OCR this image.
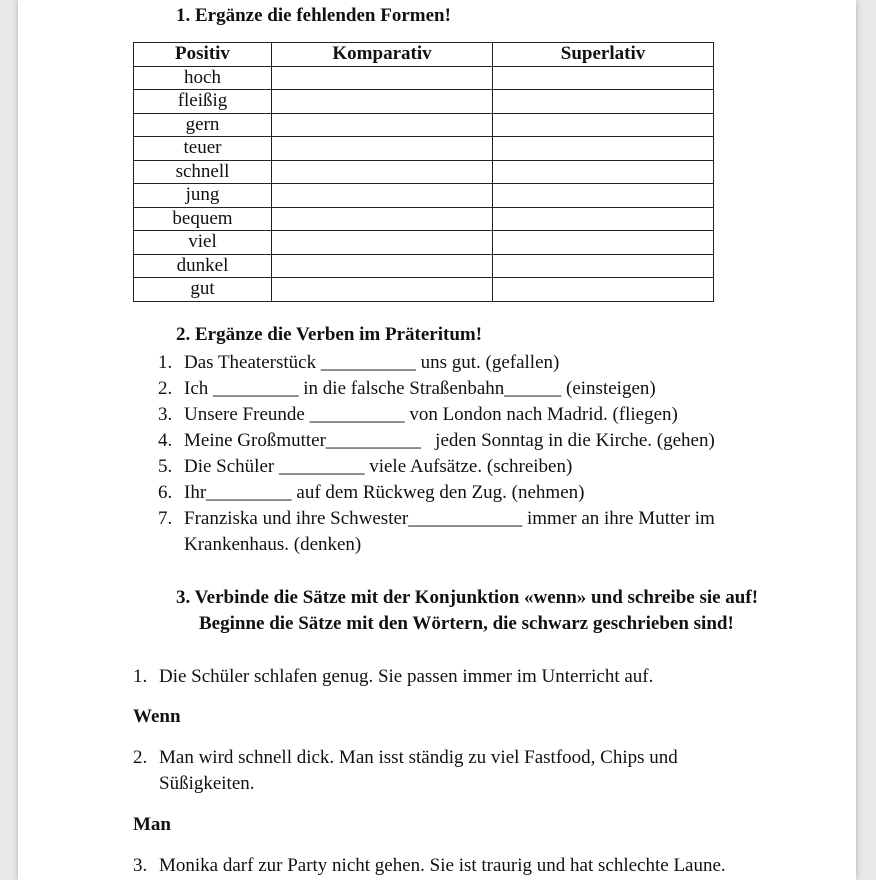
1. Ergänze die fehlenden Formen!
Positiv	Komparativ	Superlativ
hoch		
fleißig		
gern		
teuer		
schnell		
jung		
bequem		
viel		
dunkel		
gut		
2. Ergänze die Verben im Präteritum!
1. Das Theaterstück __________ uns gut. (gefallen)
2. Ich _________ in die falsche Straßenbahn______ (einsteigen)
3. Unsere Freunde __________ von London nach Madrid. (fliegen)
4. Meine Großmutter__________   jeden Sonntag in die Kirche. (gehen)
5. Die Schüler _________ viele Aufsätze. (schreiben)
6. Ihr_________ auf dem Rückweg den Zug. (nehmen)
7. Franziska und ihre Schwester____________ immer an ihre Mutter im Krankenhaus. (denken)
3. Verbinde die Sätze mit der Konjunktion «wenn» und schreibe sie auf!
Beginne die Sätze mit den Wörtern, die schwarz geschrieben sind!
1. Die Schüler schlafen genug. Sie passen immer im Unterricht auf.
Wenn
2. Man wird schnell dick. Man isst ständig zu viel Fastfood, Chips und Süßigkeiten.
Man
3. Monika darf zur Party nicht gehen. Sie ist traurig und hat schlechte Laune.
